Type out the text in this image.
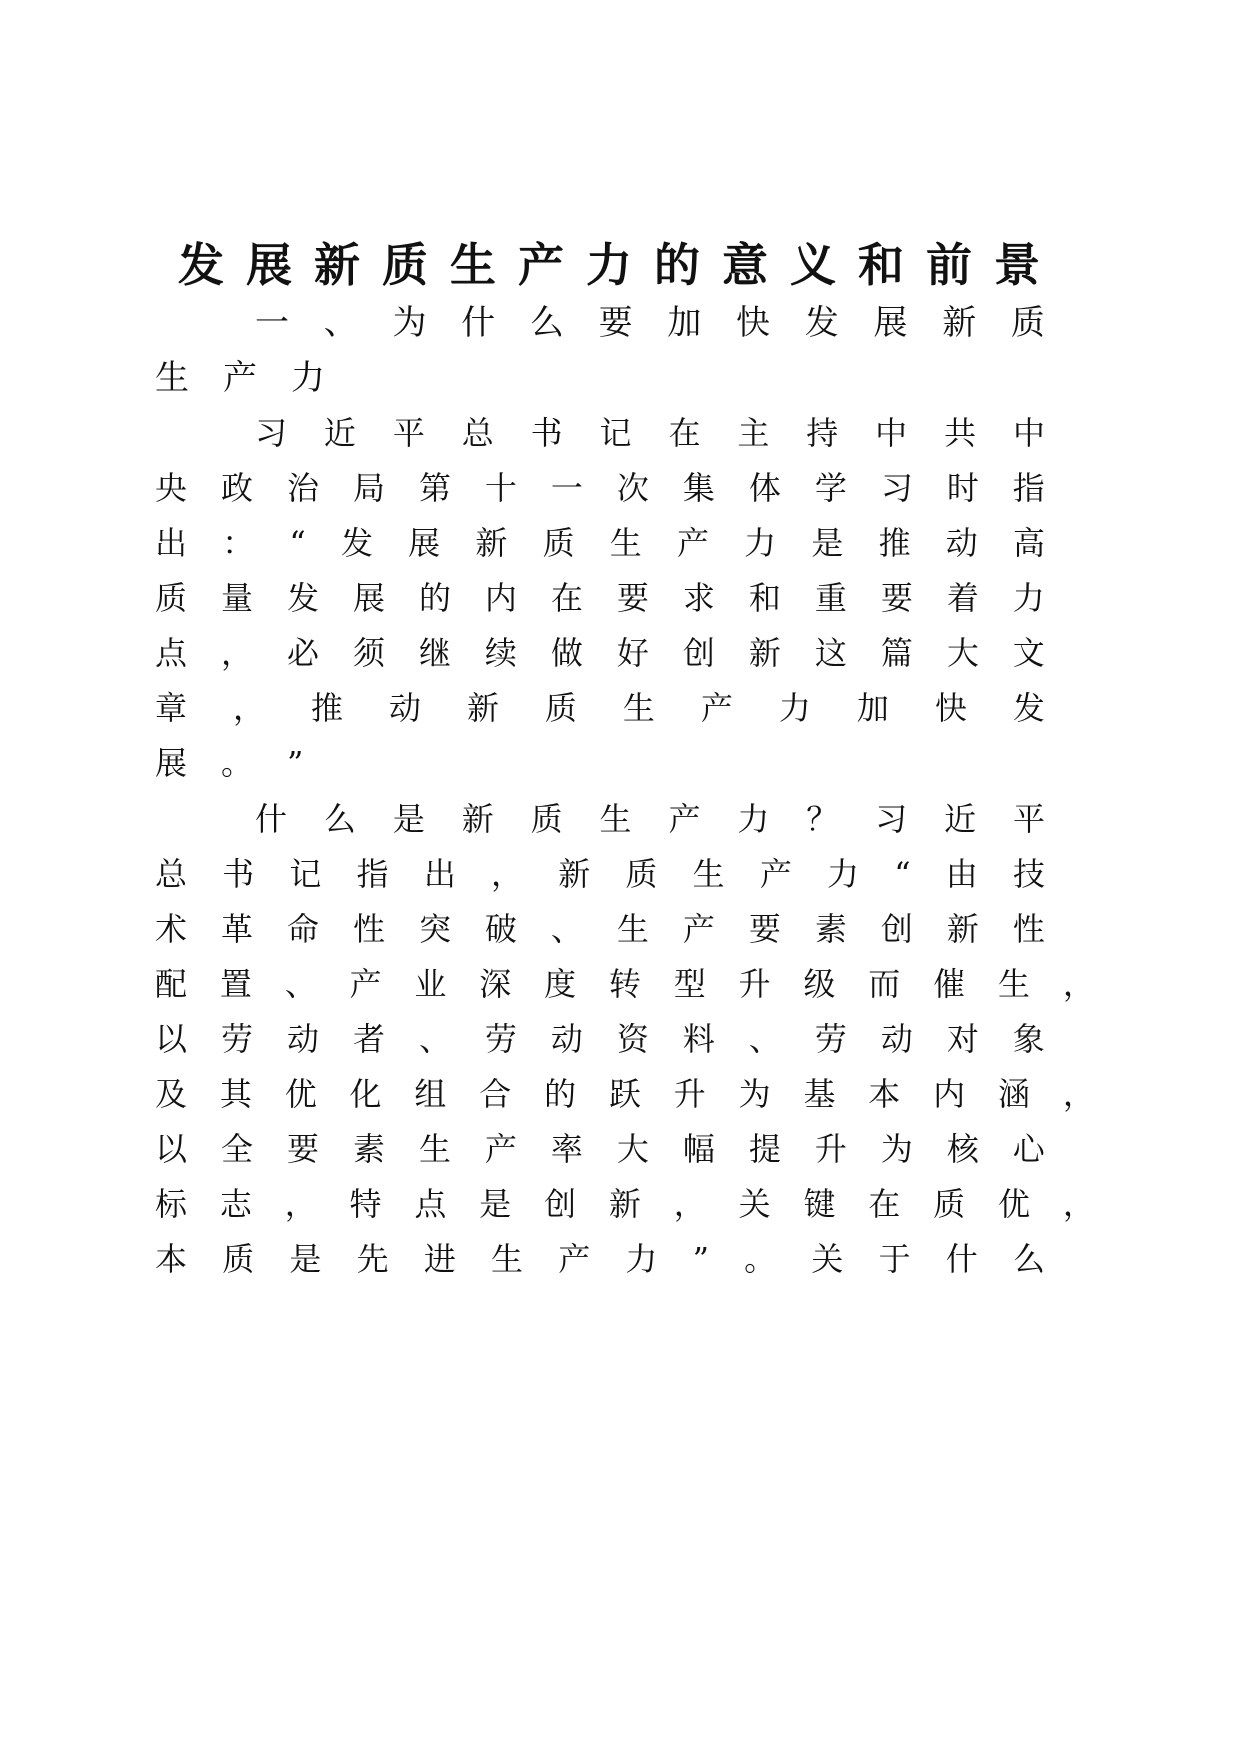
发展新质生产力的意义和前景
一 、 为 什 么 要 加 快 发 展 新 质
生 产 力
习 近 平 总 书 记 在 主 持 中 共 中
央 政 治 局 第 十 一 次 集 体 学 习 时 指
出 ： “ 发 展 新 质 生 产 力 是 推 动 高
质 量 发 展 的 内 在 要 求 和 重 要 着 力
点 ， 必 须 继 续 做 好 创 新 这 篇 大 文
章 ， 推 动 新 质 生 产 力 加 快 发
展 。 ”
什 么 是 新 质 生 产 力 ？ 习 近 平
总 书 记 指 出 ， 新 质 生 产 力 “ 由 技
术 革 命 性 突 破 、 生 产 要 素 创 新 性
配 置 、 产 业 深 度 转 型 升 级 而 催 生 ，
以 劳 动 者 、 劳 动 资 料 、 劳 动 对 象
及 其 优 化 组 合 的 跃 升 为 基 本 内 涵 ，
以 全 要 素 生 产 率 大 幅 提 升 为 核 心
标 志 ， 特 点 是 创 新 ， 关 键 在 质 优 ，
本 质 是 先 进 生 产 力 ” 。 关 于 什 么
